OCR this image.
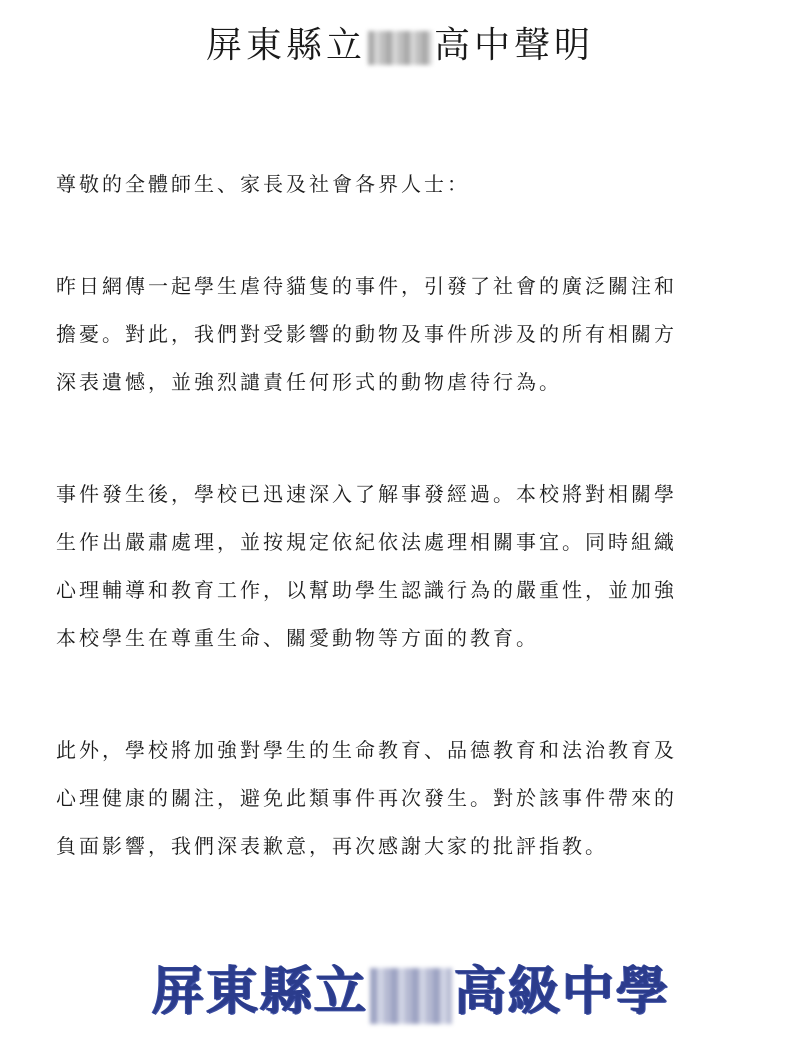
屏東縣立 高中聲明

尊敬的全體師生、家長及社會各界人士：

昨日網傳一起學生虐待貓隻的事件，引發了社會的廣泛關注和
擔憂。對此，我們對受影響的動物及事件所涉及的所有相關方
深表遺憾，並強烈譴責任何形式的動物虐待行為。

事件發生後，學校已迅速深入了解事發經過。本校將對相關學
生作出嚴肅處理，並按規定依紀依法處理相關事宜。同時組織
心理輔導和教育工作，以幫助學生認識行為的嚴重性，並加強
本校學生在尊重生命、關愛動物等方面的教育。

此外，學校將加強對學生的生命教育、品德教育和法治教育及
心理健康的關注，避免此類事件再次發生。對於該事件帶來的
負面影響，我們深表歉意，再次感謝大家的批評指教。

屏東縣立 高級中學
